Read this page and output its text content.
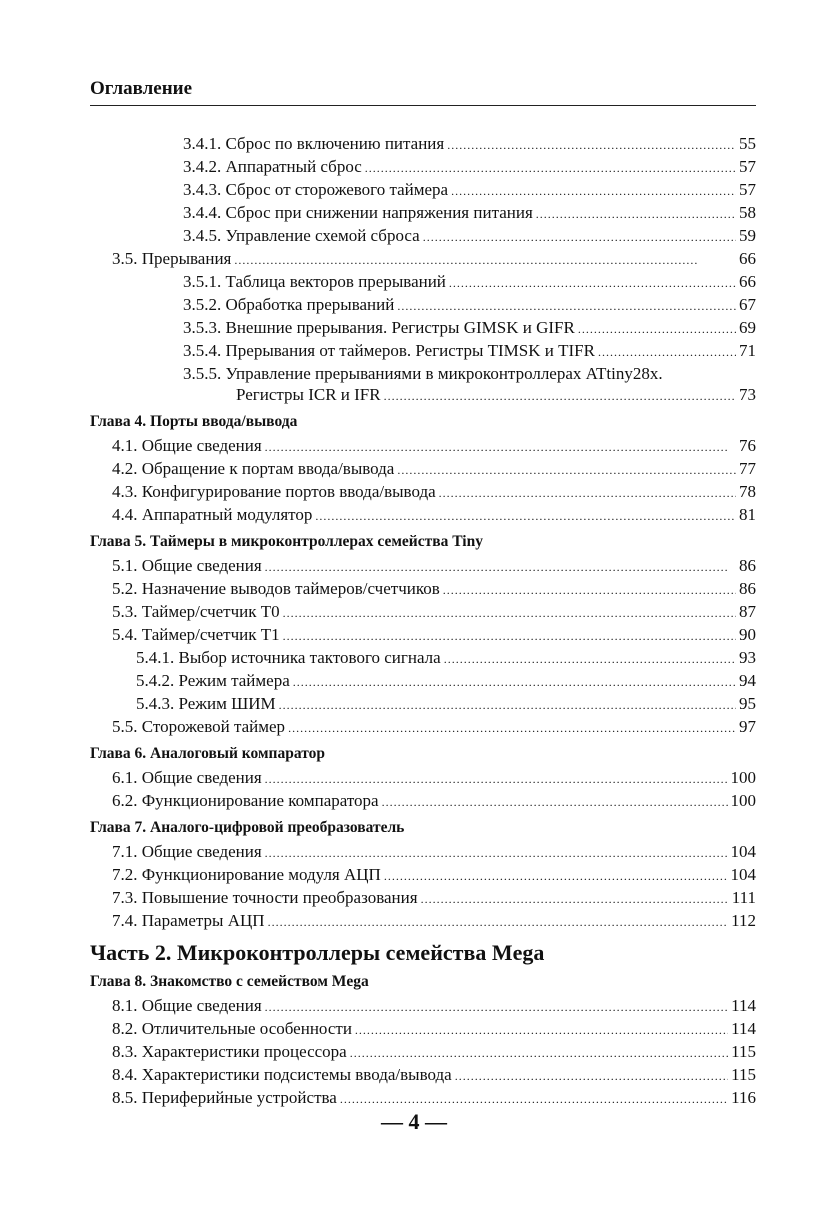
Оглавление
3.4.1. Сброс по включению питания . . .	55
3.4.2. Аппаратный сброс . . .	57
3.4.3. Сброс от сторожевого таймера . . .	57
3.4.4. Сброс при снижении напряжения питания . . .	58
3.4.5. Управление схемой сброса . . .	59
3.5. Прерывания . . .	66
3.5.1. Таблица векторов прерываний . . .	66
3.5.2. Обработка прерываний . . .	67
3.5.3. Внешние прерывания. Регистры GIMSK и GIFR . . .	69
3.5.4. Прерывания от таймеров. Регистры TIMSK и TIFR . . .	71
3.5.5. Управление прерываниями в микроконтроллерах ATtiny28x.
Регистры ICR и IFR . . .	73
Глава 4. Порты ввода/вывода
4.1. Общие сведения . . .	76
4.2. Обращение к портам ввода/вывода . . .	77
4.3. Конфигурирование портов ввода/вывода . . .	78
4.4. Аппаратный модулятор . . .	81
Глава 5. Таймеры в микроконтроллерах семейства Tiny
5.1. Общие сведения . . .	86
5.2. Назначение выводов таймеров/счетчиков . . .	86
5.3. Таймер/счетчик T0 . . .	87
5.4. Таймер/счетчик T1 . . .	90
5.4.1. Выбор источника тактового сигнала . . .	93
5.4.2. Режим таймера . . .	94
5.4.3. Режим ШИМ . . .	95
5.5. Сторожевой таймер . . .	97
Глава 6. Аналоговый компаратор
6.1. Общие сведения . . .	100
6.2. Функционирование компаратора . . .	100
Глава 7. Аналого-цифровой преобразователь
7.1. Общие сведения . . .	104
7.2. Функционирование модуля АЦП . . .	104
7.3. Повышение точности преобразования . . .	111
7.4. Параметры АЦП . . .	112
Часть 2. Микроконтроллеры семейства Mega
Глава 8. Знакомство с семейством Mega
8.1. Общие сведения . . .	114
8.2. Отличительные особенности . . .	114
8.3. Характеристики процессора . . .	115
8.4. Характеристики подсистемы ввода/вывода . . .	115
8.5. Периферийные устройства . . .	116
— 4 —
